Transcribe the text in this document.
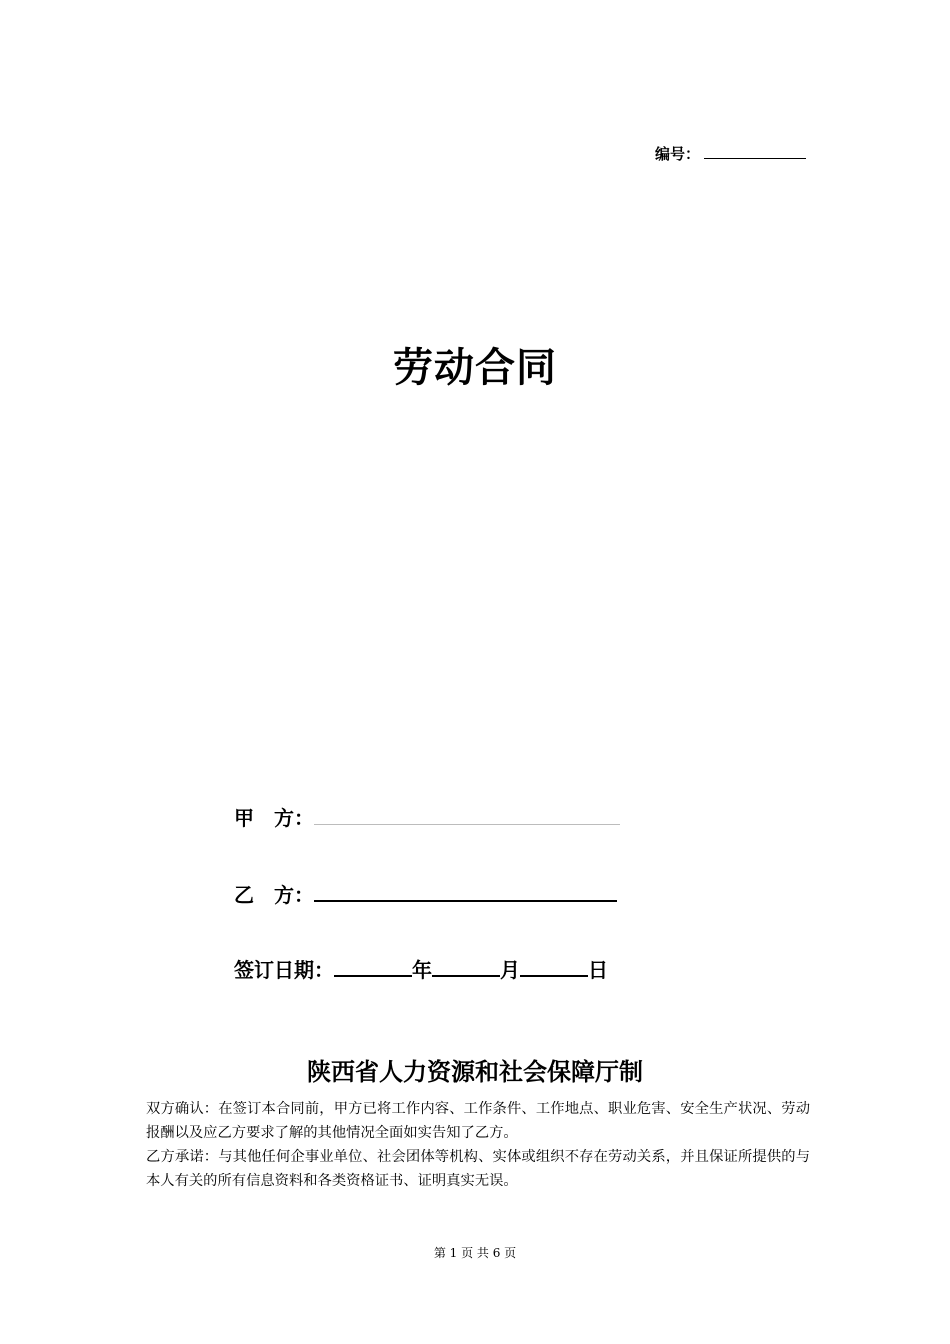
编号：
劳动合同
甲　方：
乙　方：
签订日期：	年	月	日
陕西省人力资源和社会保障厅制

双方确认：在签订本合同前，甲方已将工作内容、工作条件、工作地点、职业危害、安全生产状况、劳动报酬以及应乙方要求了解的其他情况全面如实告知了乙方。

乙方承诺：与其他任何企事业单位、社会团体等机构、实体或组织不存在劳动关系，并且保证所提供的与本人有关的所有信息资料和各类资格证书、证明真实无误。

第 1 页 共 6 页
